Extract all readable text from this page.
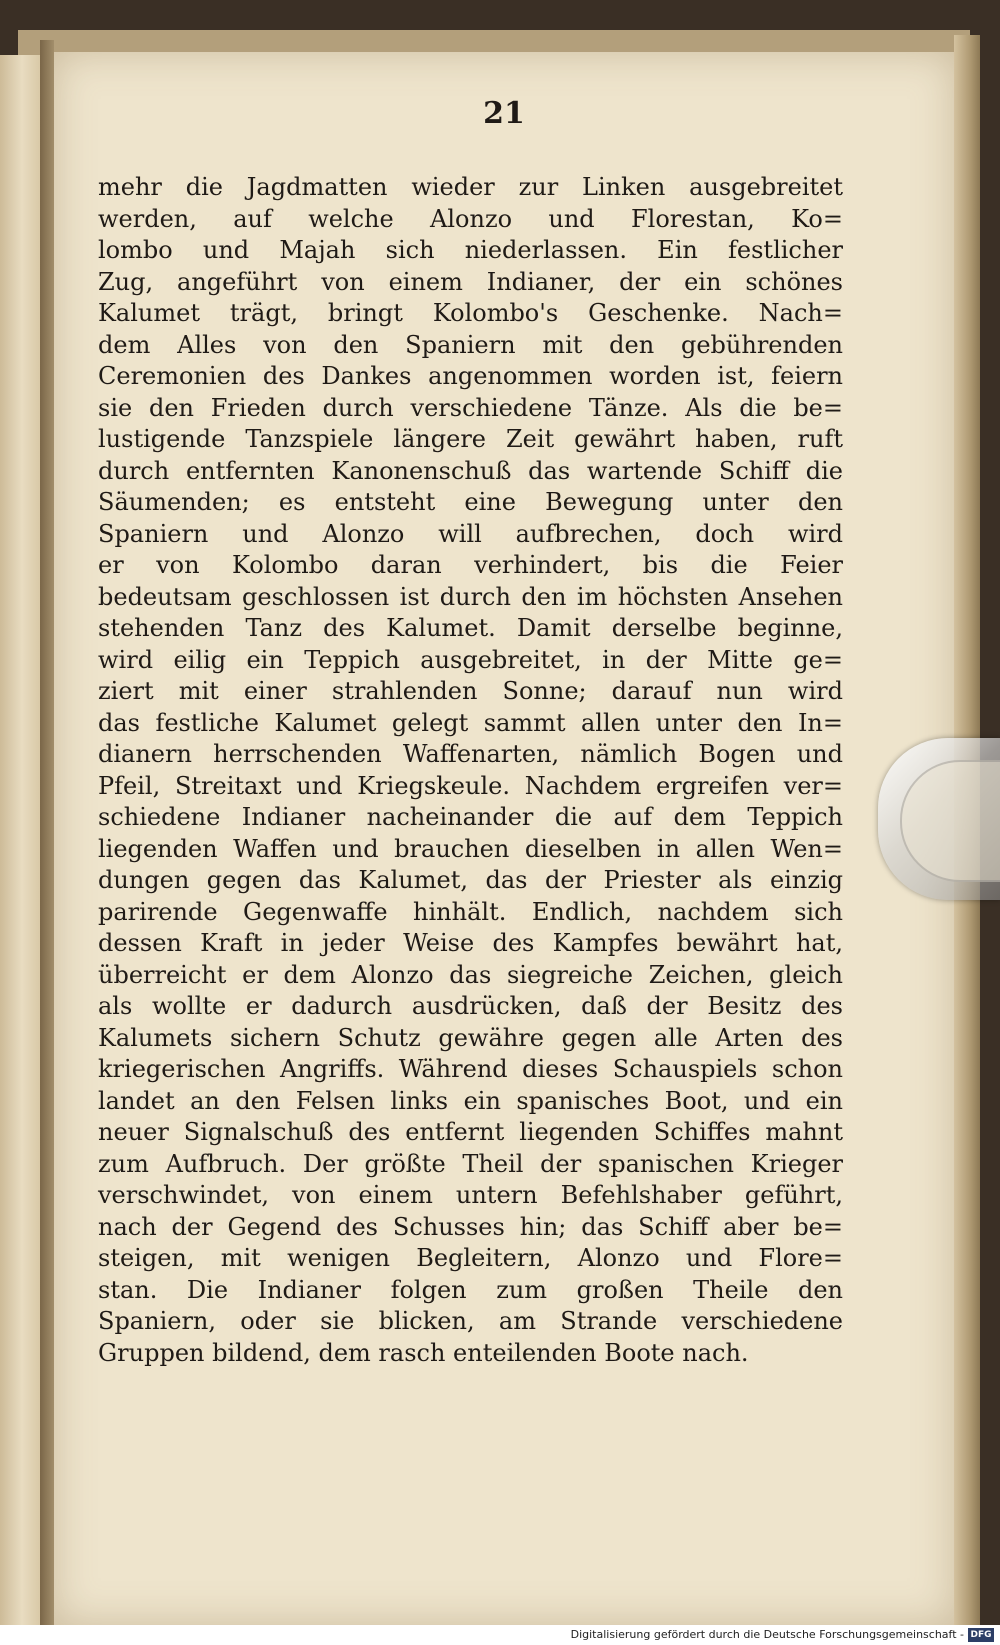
21
mehr die Jagdmatten wieder zur Linken ausgebreitet
werden, auf welche Alonzo und Florestan, Ko=
lombo und Majah sich niederlassen. Ein festlicher
Zug, angeführt von einem Indianer, der ein schönes
Kalumet trägt, bringt Kolombo's Geschenke. Nach=
dem Alles von den Spaniern mit den gebührenden
Ceremonien des Dankes angenommen worden ist, feiern
sie den Frieden durch verschiedene Tänze. Als die be=
lustigende Tanzspiele längere Zeit gewährt haben, ruft
durch entfernten Kanonenschuß das wartende Schiff die
Säumenden; es entsteht eine Bewegung unter den
Spaniern und Alonzo will aufbrechen, doch wird
er von Kolombo daran verhindert, bis die Feier
bedeutsam geschlossen ist durch den im höchsten Ansehen
stehenden Tanz des Kalumet. Damit derselbe beginne,
wird eilig ein Teppich ausgebreitet, in der Mitte ge=
ziert mit einer strahlenden Sonne; darauf nun wird
das festliche Kalumet gelegt sammt allen unter den In=
dianern herrschenden Waffenarten, nämlich Bogen und
Pfeil, Streitaxt und Kriegskeule. Nachdem ergreifen ver=
schiedene Indianer nacheinander die auf dem Teppich
liegenden Waffen und brauchen dieselben in allen Wen=
dungen gegen das Kalumet, das der Priester als einzig
parirende Gegenwaffe hinhält. Endlich, nachdem sich
dessen Kraft in jeder Weise des Kampfes bewährt hat,
überreicht er dem Alonzo das siegreiche Zeichen, gleich
als wollte er dadurch ausdrücken, daß der Besitz des
Kalumets sichern Schutz gewähre gegen alle Arten des
kriegerischen Angriffs. Während dieses Schauspiels schon
landet an den Felsen links ein spanisches Boot, und ein
neuer Signalschuß des entfernt liegenden Schiffes mahnt
zum Aufbruch. Der größte Theil der spanischen Krieger
verschwindet, von einem untern Befehlshaber geführt,
nach der Gegend des Schusses hin; das Schiff aber be=
steigen, mit wenigen Begleitern, Alonzo und Flore=
stan. Die Indianer folgen zum großen Theile den
Spaniern, oder sie blicken, am Strande verschiedene
Gruppen bildend, dem rasch enteilenden Boote nach.
Digitalisierung gefördert durch die Deutsche Forschungsgemeinschaft - DFG
